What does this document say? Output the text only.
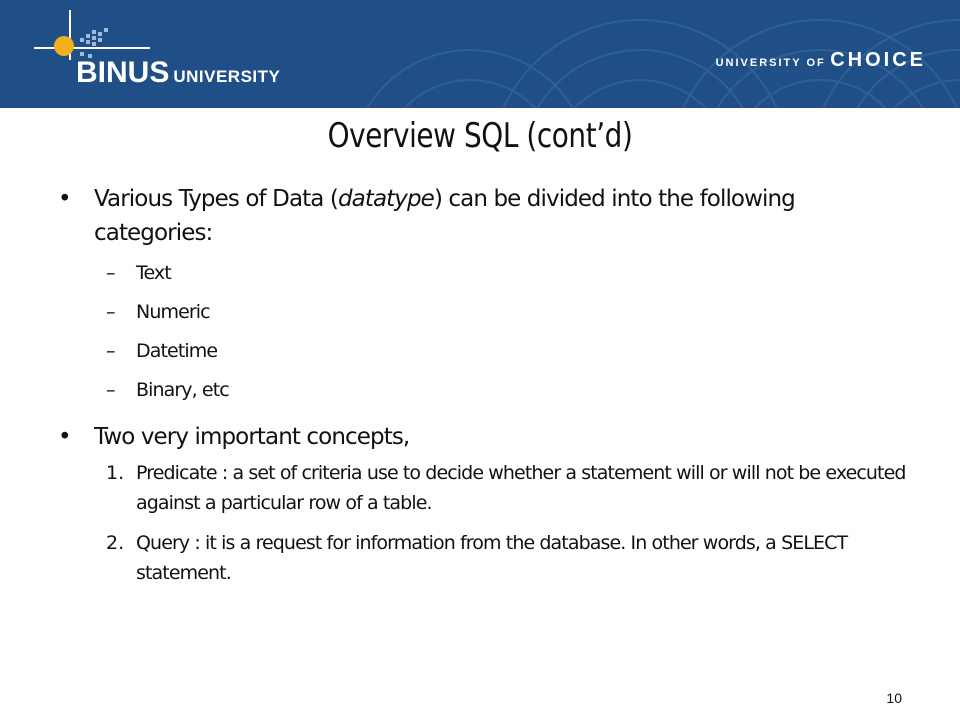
BINUS UNIVERSITY
UNIVERSITY OF CHOICE
Overview SQL (cont’d)
• Various Types of Data (datatype) can be divided into the following categories:
– Text
– Numeric
– Datetime
– Binary, etc
• Two very important concepts,
1. Predicate : a set of criteria use to decide whether a statement will or will not be executed against a particular row of a table.
2. Query : it is a request for information from the database. In other words, a SELECT statement.
10
